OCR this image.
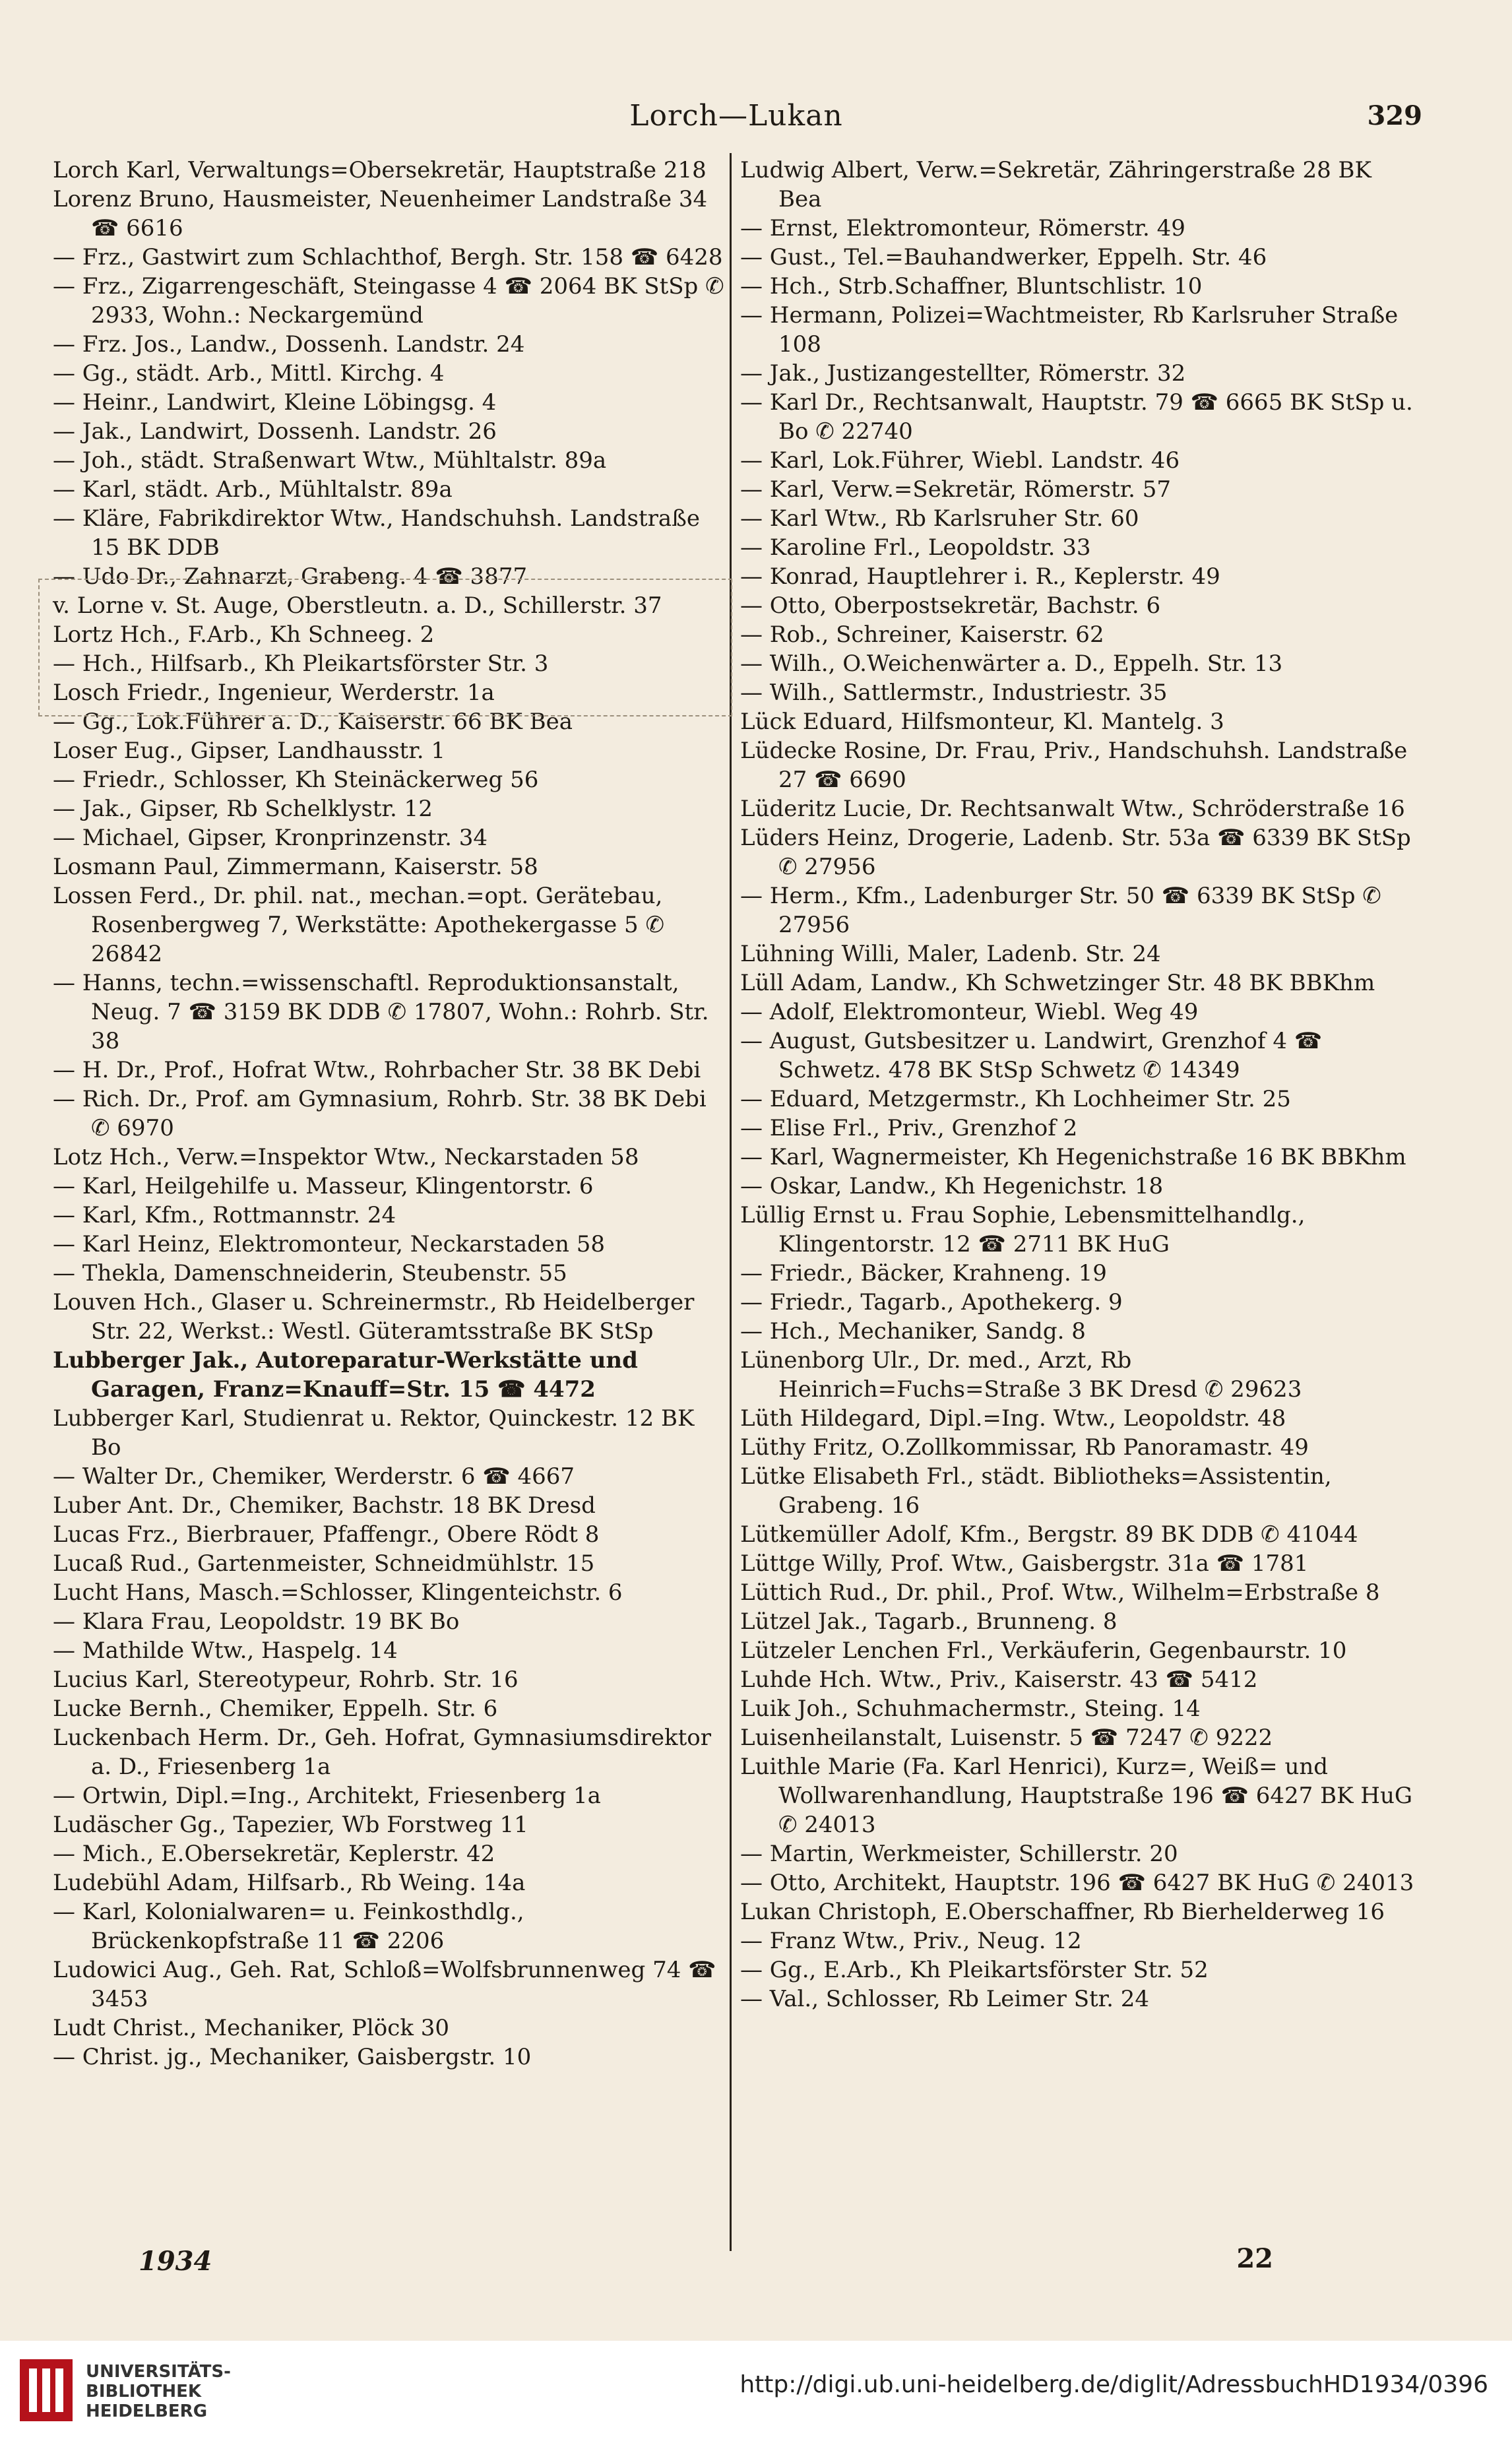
Lorch—Lukan	329

Lorch Karl, Verwaltungs=Obersekretär, Hauptstraße 218

Lorenz Bruno, Hausmeister, Neuenheimer Landstraße 34 ☎ 6616

— Frz., Gastwirt zum Schlachthof, Bergh. Str. 158 ☎ 6428

— Frz., Zigarrengeschäft, Steingasse 4 ☎ 2064 BK StSp ✆ 2933, Wohn.: Neckargemünd

— Frz. Jos., Landw., Dossenh. Landstr. 24

— Gg., städt. Arb., Mittl. Kirchg. 4

— Heinr., Landwirt, Kleine Löbingsg. 4

— Jak., Landwirt, Dossenh. Landstr. 26

— Joh., städt. Straßenwart Wtw., Mühltalstr. 89a

— Karl, städt. Arb., Mühltalstr. 89a

— Kläre, Fabrikdirektor Wtw., Handschuhsh. Landstraße 15 BK DDB

— Udo Dr., Zahnarzt, Grabeng. 4 ☎ 3877

v. Lorne v. St. Auge, Oberstleutn. a. D., Schillerstr. 37

Lortz Hch., F.Arb., Kh Schneeg. 2

— Hch., Hilfsarb., Kh Pleikartsförster Str. 3

Losch Friedr., Ingenieur, Werderstr. 1a

— Gg., Lok.Führer a. D., Kaiserstr. 66 BK Bea

Loser Eug., Gipser, Landhausstr. 1

— Friedr., Schlosser, Kh Steinäckerweg 56

— Jak., Gipser, Rb Schelklystr. 12

— Michael, Gipser, Kronprinzenstr. 34

Losmann Paul, Zimmermann, Kaiserstr. 58

Lossen Ferd., Dr. phil. nat., mechan.=opt. Gerätebau, Rosenbergweg 7, Werkstätte: Apothekergasse 5 ✆ 26842

— Hanns, techn.=wissenschaftl. Reproduktionsanstalt, Neug. 7 ☎ 3159 BK DDB ✆ 17807, Wohn.: Rohrb. Str. 38

— H. Dr., Prof., Hofrat Wtw., Rohrbacher Str. 38 BK Debi

— Rich. Dr., Prof. am Gymnasium, Rohrb. Str. 38 BK Debi ✆ 6970

Lotz Hch., Verw.=Inspektor Wtw., Neckarstaden 58

— Karl, Heilgehilfe u. Masseur, Klingentorstr. 6

— Karl, Kfm., Rottmannstr. 24

— Karl Heinz, Elektromonteur, Neckarstaden 58

— Thekla, Damenschneiderin, Steubenstr. 55

Louven Hch., Glaser u. Schreinermstr., Rb Heidelberger Str. 22, Werkst.: Westl. Güteramtsstraße BK StSp

Lubberger Jak., Autoreparatur-Werkstätte und Garagen, Franz=Knauff=Str. 15 ☎ 4472

Lubberger Karl, Studienrat u. Rektor, Quinckestr. 12 BK Bo

— Walter Dr., Chemiker, Werderstr. 6 ☎ 4667

Luber Ant. Dr., Chemiker, Bachstr. 18 BK Dresd

Lucas Frz., Bierbrauer, Pfaffengr., Obere Rödt 8

Lucaß Rud., Gartenmeister, Schneidmühlstr. 15

Lucht Hans, Masch.=Schlosser, Klingenteichstr. 6

— Klara Frau, Leopoldstr. 19 BK Bo

— Mathilde Wtw., Haspelg. 14

Lucius Karl, Stereotypeur, Rohrb. Str. 16

Lucke Bernh., Chemiker, Eppelh. Str. 6

Luckenbach Herm. Dr., Geh. Hofrat, Gymnasiumsdirektor a. D., Friesenberg 1a

— Ortwin, Dipl.=Ing., Architekt, Friesenberg 1a

Ludäscher Gg., Tapezier, Wb Forstweg 11

— Mich., E.Obersekretär, Keplerstr. 42

Ludebühl Adam, Hilfsarb., Rb Weing. 14a

— Karl, Kolonialwaren= u. Feinkosthdlg., Brückenkopfstraße 11 ☎ 2206

Ludowici Aug., Geh. Rat, Schloß=Wolfsbrunnenweg 74 ☎ 3453

Ludt Christ., Mechaniker, Plöck 30

— Christ. jg., Mechaniker, Gaisbergstr. 10

Ludwig Albert, Verw.=Sekretär, Zähringerstraße 28 BK Bea

— Ernst, Elektromonteur, Römerstr. 49

— Gust., Tel.=Bauhandwerker, Eppelh. Str. 46

— Hch., Strb.Schaffner, Bluntschlistr. 10

— Hermann, Polizei=Wachtmeister, Rb Karlsruher Straße 108

— Jak., Justizangestellter, Römerstr. 32

— Karl Dr., Rechtsanwalt, Hauptstr. 79 ☎ 6665 BK StSp u. Bo ✆ 22740

— Karl, Lok.Führer, Wiebl. Landstr. 46

— Karl, Verw.=Sekretär, Römerstr. 57

— Karl Wtw., Rb Karlsruher Str. 60

— Karoline Frl., Leopoldstr. 33

— Konrad, Hauptlehrer i. R., Keplerstr. 49

— Otto, Oberpostsekretär, Bachstr. 6

— Rob., Schreiner, Kaiserstr. 62

— Wilh., O.Weichenwärter a. D., Eppelh. Str. 13

— Wilh., Sattlermstr., Industriestr. 35

Lück Eduard, Hilfsmonteur, Kl. Mantelg. 3

Lüdecke Rosine, Dr. Frau, Priv., Handschuhsh. Landstraße 27 ☎ 6690

Lüderitz Lucie, Dr. Rechtsanwalt Wtw., Schröderstraße 16

Lüders Heinz, Drogerie, Ladenb. Str. 53a ☎ 6339 BK StSp ✆ 27956

— Herm., Kfm., Ladenburger Str. 50 ☎ 6339 BK StSp ✆ 27956

Lühning Willi, Maler, Ladenb. Str. 24

Lüll Adam, Landw., Kh Schwetzinger Str. 48 BK BBKhm

— Adolf, Elektromonteur, Wiebl. Weg 49

— August, Gutsbesitzer u. Landwirt, Grenzhof 4 ☎ Schwetz. 478 BK StSp Schwetz ✆ 14349

— Eduard, Metzgermstr., Kh Lochheimer Str. 25

— Elise Frl., Priv., Grenzhof 2

— Karl, Wagnermeister, Kh Hegenichstraße 16 BK BBKhm

— Oskar, Landw., Kh Hegenichstr. 18

Lüllig Ernst u. Frau Sophie, Lebensmittelhandlg., Klingentorstr. 12 ☎ 2711 BK HuG

— Friedr., Bäcker, Krahneng. 19

— Friedr., Tagarb., Apothekerg. 9

— Hch., Mechaniker, Sandg. 8

Lünenborg Ulr., Dr. med., Arzt, Rb Heinrich=Fuchs=Straße 3 BK Dresd ✆ 29623

Lüth Hildegard, Dipl.=Ing. Wtw., Leopoldstr. 48

Lüthy Fritz, O.Zollkommissar, Rb Panoramastr. 49

Lütke Elisabeth Frl., städt. Bibliotheks=Assistentin, Grabeng. 16

Lütkemüller Adolf, Kfm., Bergstr. 89 BK DDB ✆ 41044

Lüttge Willy, Prof. Wtw., Gaisbergstr. 31a ☎ 1781

Lüttich Rud., Dr. phil., Prof. Wtw., Wilhelm=Erbstraße 8

Lützel Jak., Tagarb., Brunneng. 8

Lützeler Lenchen Frl., Verkäuferin, Gegenbaurstr. 10

Luhde Hch. Wtw., Priv., Kaiserstr. 43 ☎ 5412

Luik Joh., Schuhmachermstr., Steing. 14

Luisenheilanstalt, Luisenstr. 5 ☎ 7247 ✆ 9222

Luithle Marie (Fa. Karl Henrici), Kurz=, Weiß= und Wollwarenhandlung, Hauptstraße 196 ☎ 6427 BK HuG ✆ 24013

— Martin, Werkmeister, Schillerstr. 20

— Otto, Architekt, Hauptstr. 196 ☎ 6427 BK HuG ✆ 24013

Lukan Christoph, E.Oberschaffner, Rb Bierhelderweg 16

— Franz Wtw., Priv., Neug. 12

— Gg., E.Arb., Kh Pleikartsförster Str. 52

— Val., Schlosser, Rb Leimer Str. 24

1934	22
UNIVERSITÄTS-
BIBLIOTHEK
HEIDELBERG
http://digi.ub.uni-heidelberg.de/diglit/AdressbuchHD1934/0396
